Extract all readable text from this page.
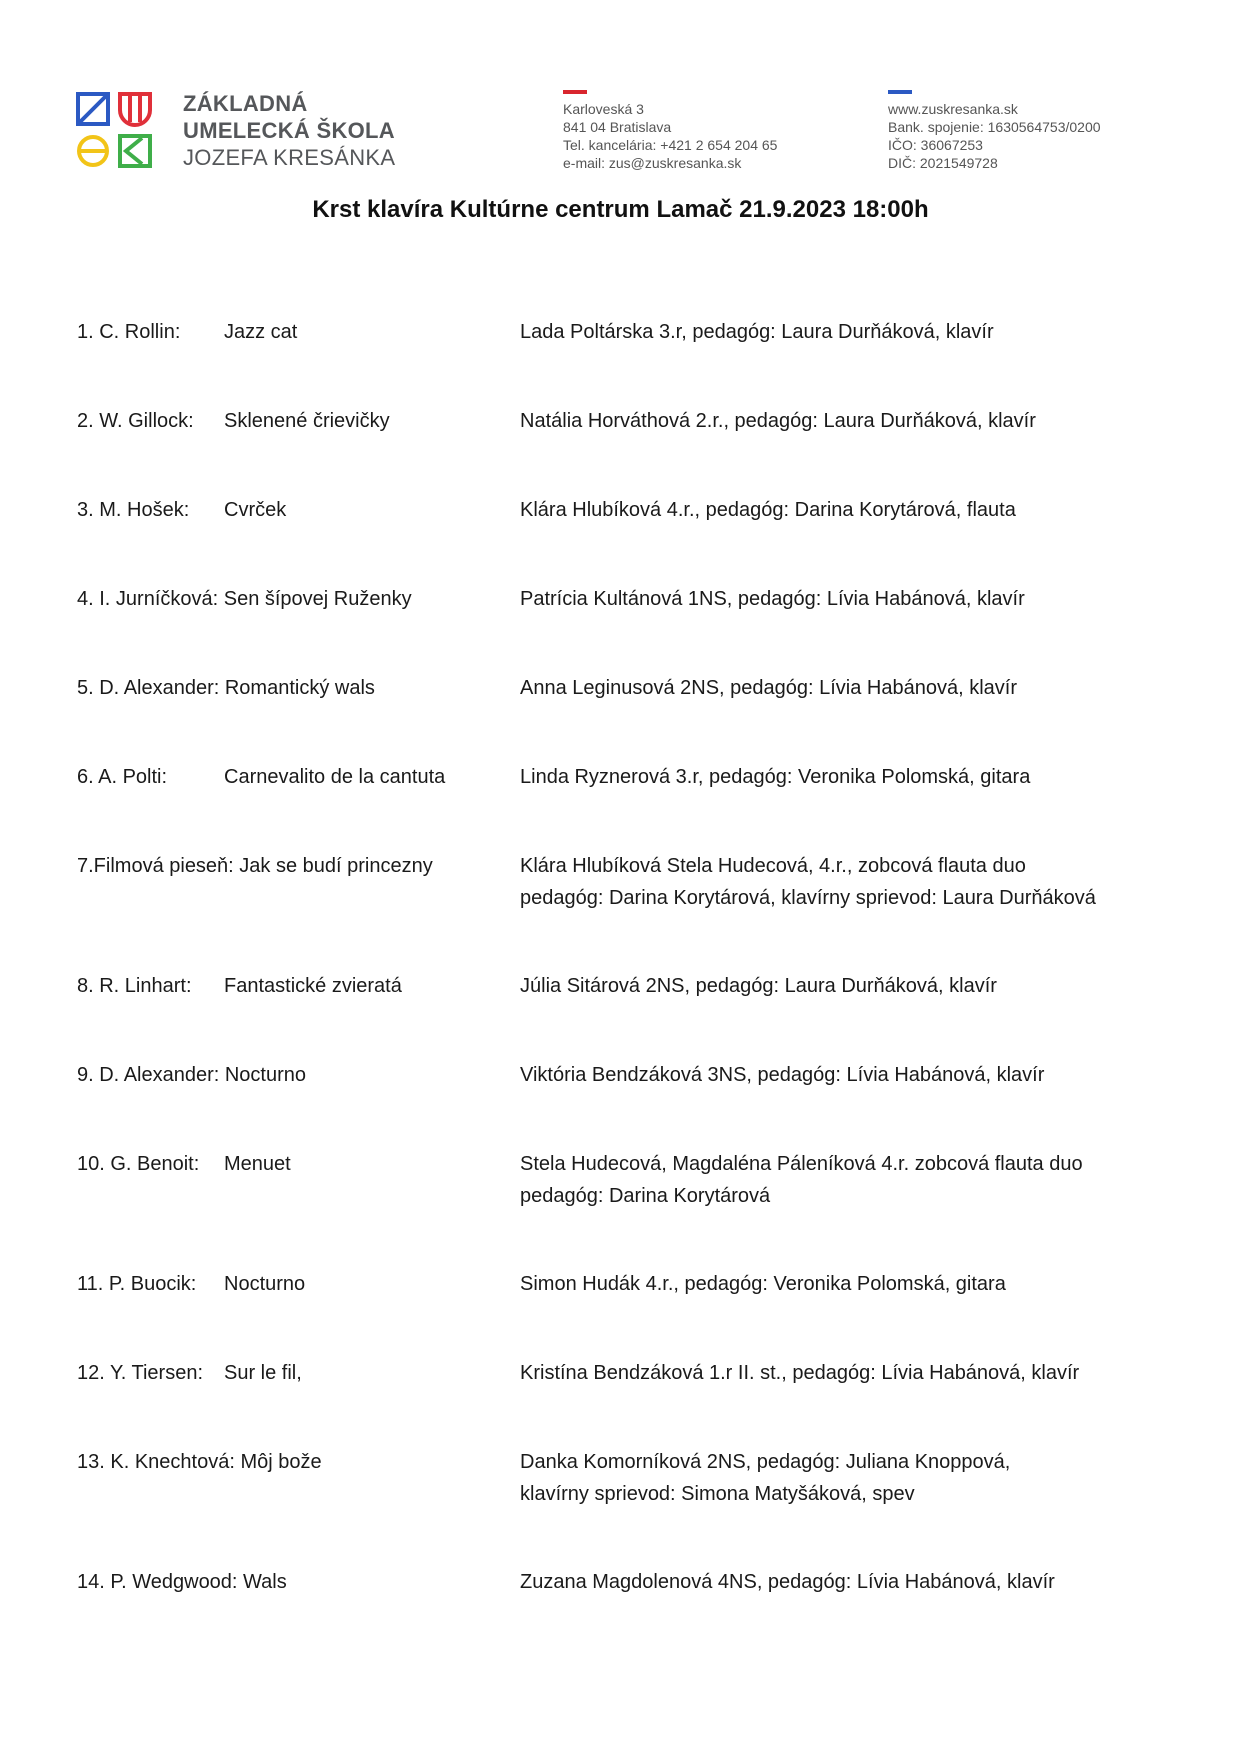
ZÁKLADNÁ
UMELECKÁ ŠKOLA
JOZEFA KRESÁNKA
Karloveská 3
841 04 Bratislava
Tel. kancelária: +421 2 654 204 65
e-mail: zus@zuskresanka.sk
www.zuskresanka.sk
Bank. spojenie: 1630564753/0200
IČO: 36067253
DIČ: 2021549728
Krst klavíra Kultúrne centrum Lamač 21.9.2023 18:00h
1. C. Rollin: Jazz cat	Lada Poltárska 3.r, pedagóg: Laura Durňáková, klavír
2. W. Gillock: Sklenené črievičky	Natália Horváthová 2.r., pedagóg: Laura Durňáková, klavír
3. M. Hošek: Cvrček	Klára Hlubíková 4.r., pedagóg: Darina Korytárová, flauta
4. I. Jurníčková: Sen šípovej Ruženky	Patrícia Kultánová 1NS, pedagóg: Lívia Habánová, klavír
5. D. Alexander: Romantický wals	Anna Leginusová 2NS, pedagóg: Lívia Habánová, klavír
6. A. Polti:	Carnevalito de la cantuta	Linda Ryznerová 3.r, pedagóg: Veronika Polomská, gitara
7.Filmová pieseň: Jak se budí princezny	Klára Hlubíková Stela Hudecová, 4.r., zobcová flauta duo
pedagóg: Darina Korytárová, klavírny sprievod: Laura Durňáková
8. R. Linhart: Fantastické zvieratá	Júlia Sitárová 2NS, pedagóg: Laura Durňáková, klavír
9. D. Alexander: Nocturno	Viktória Bendzáková 3NS, pedagóg: Lívia Habánová, klavír
10. G. Benoit: Menuet	Stela Hudecová, Magdaléna Páleníková 4.r. zobcová flauta duo
pedagóg: Darina Korytárová
11. P. Buocik: Nocturno	Simon Hudák 4.r., pedagóg: Veronika Polomská, gitara
12. Y. Tiersen: Sur le fil,	Kristína Bendzáková 1.r II. st., pedagóg: Lívia Habánová, klavír
13. K. Knechtová: Môj bože	Danka Komorníková 2NS, pedagóg: Juliana Knoppová,
klavírny sprievod: Simona Matyšáková, spev
14. P. Wedgwood: Wals	Zuzana Magdolenová 4NS, pedagóg: Lívia Habánová, klavír
